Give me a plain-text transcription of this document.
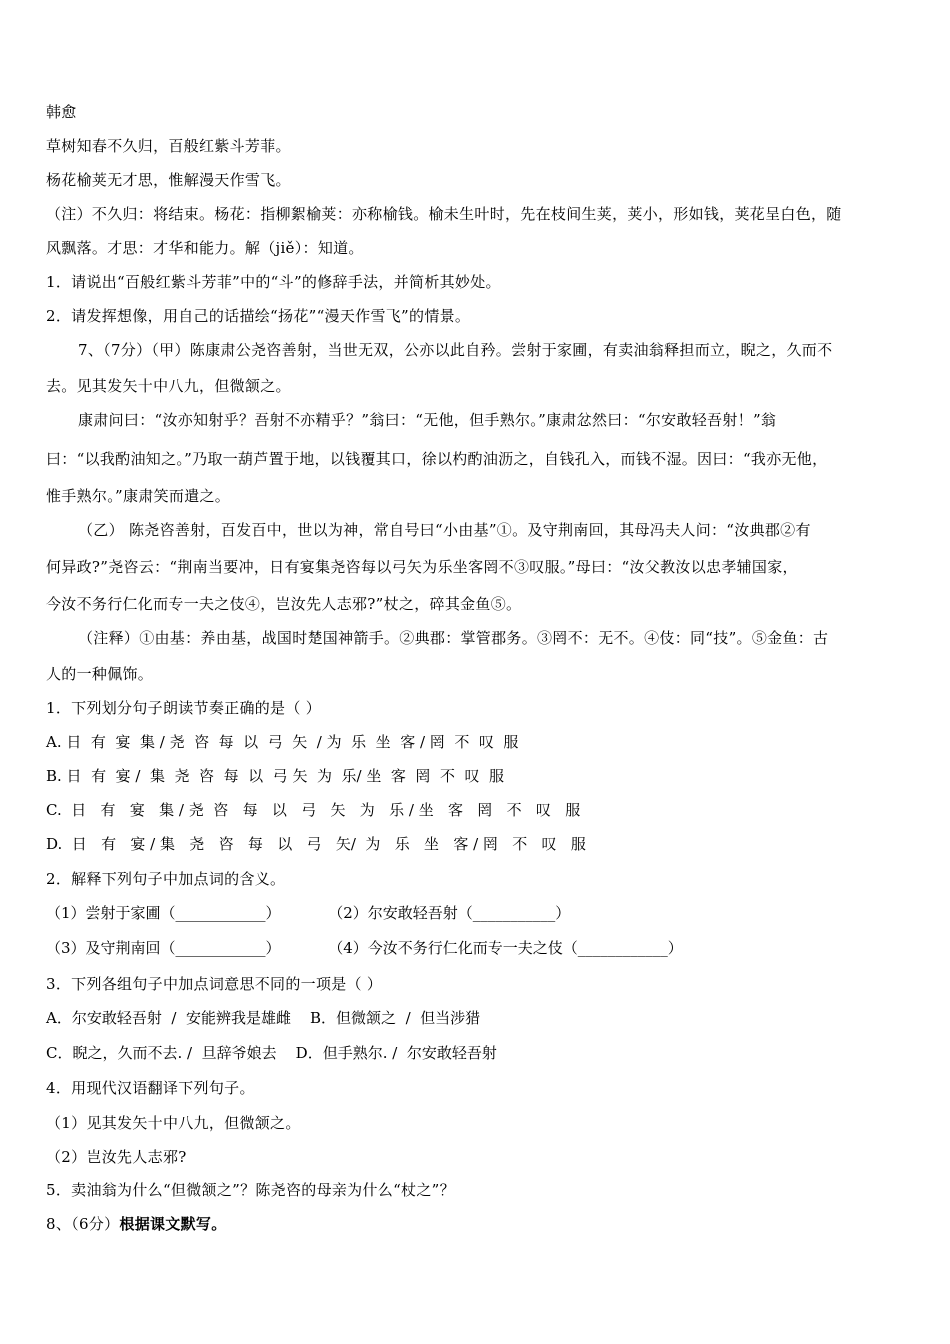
韩愈
草树知春不久归，百般红紫斗芳菲。
杨花榆荚无才思，惟解漫天作雪飞。
（注）不久归：将结束。杨花：指柳絮榆荚：亦称榆钱。榆未生叶时，先在枝间生荚，荚小，形如钱，荚花呈白色，随
风飘落。才思：才华和能力。解（jiě）：知道。
1．请说出“百般红紫斗芳菲”中的“斗”的修辞手法，并简析其妙处。
2．请发挥想像，用自己的话描绘“扬花”“漫天作雪飞”的情景。
7、（7分）（甲）陈康肃公尧咨善射，当世无双，公亦以此自矜。尝射于家圃，有卖油翁释担而立，睨之，久而不
去。见其发矢十中八九，但微颔之。
康肃问曰：“汝亦知射乎？吾射不亦精乎？”翁曰：“无他，但手熟尔。”康肃忿然曰：“尔安敢轻吾射！”翁
曰：“以我酌油知之。”乃取一葫芦置于地，以钱覆其口，徐以杓酌油沥之，自钱孔入，而钱不湿。因曰：“我亦无他，
惟手熟尔。”康肃笑而遣之。
（乙） 陈尧咨善射，百发百中，世以为神，常自号曰“小由基”①。及守荆南回，其母冯夫人问：“汝典郡②有
何异政?”尧咨云：“荆南当要冲，日有宴集尧咨每以弓矢为乐坐客罔不③叹服。”母曰：“汝父教汝以忠孝辅国家，
今汝不务行仁化而专一夫之伎④，岂汝先人志邪?”杖之，碎其金鱼⑤。
（注释）①由基：养由基，战国时楚国神箭手。②典郡：掌管郡务。③罔不：无不。④伎：同“技”。⑤金鱼：古
人的一种佩饰。
1．下列划分句子朗读节奏正确的是（ ）
A. 日  有  宴  集 / 尧  咨  每  以  弓  矢  / 为  乐  坐  客 / 罔  不  叹  服
B. 日  有  宴 /  集  尧  咨  每  以  弓 矢  为  乐/ 坐  客  罔  不  叹  服
C.  日   有   宴   集 / 尧  咨   每   以   弓   矢   为   乐 / 坐   客   罔   不   叹   服
D.  日   有   宴 / 集   尧   咨   每   以   弓   矢/  为   乐   坐   客 / 罔   不   叹   服
2．解释下列句子中加点词的含义。
（1）尝射于家圃（____________）          （2）尔安敢轻吾射（___________）
（3）及守荆南回（____________）          （4）今汝不务行仁化而专一夫之伎（____________）
3．下列各组句子中加点词意思不同的一项是（ ）
A．尔安敢轻吾射  /  安能辨我是雄雌    B．但微颔之  /  但当涉猎
C．睨之，久而不去. /  旦辞爷娘去    D．但手熟尔. /  尔安敢轻吾射
4．用现代汉语翻译下列句子。
（1）见其发矢十中八九，但微颔之。
（2）岂汝先人志邪?
5．卖油翁为什么“但微颔之”？陈尧咨的母亲为什么“杖之”？
8、（6分）根据课文默写。
